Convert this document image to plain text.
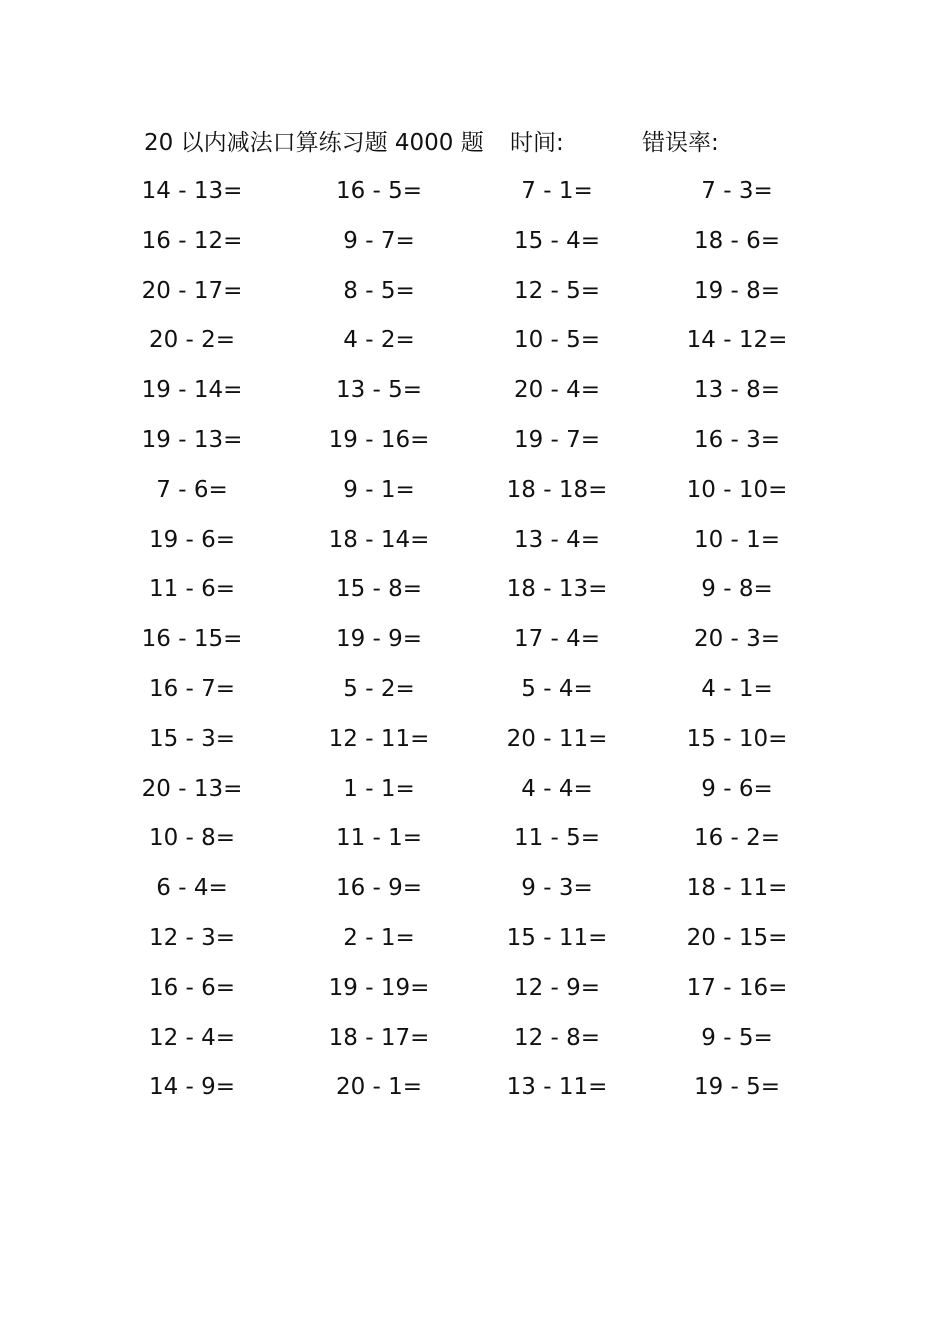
20 以内减法口算练习题 4000 题 时间:	错误率:
14 - 13=	16 - 5=	7 - 1=	7 - 3=
16 - 12=	9 - 7=	15 - 4=	18 - 6=
20 - 17=	8 - 5=	12 - 5=	19 - 8=
20 - 2=	4 - 2=	10 - 5=	14 - 12=
19 - 14=	13 - 5=	20 - 4=	13 - 8=
19 - 13=	19 - 16=	19 - 7=	16 - 3=
7 - 6=	9 - 1=	18 - 18=	10 - 10=
19 - 6=	18 - 14=	13 - 4=	10 - 1=
11 - 6=	15 - 8=	18 - 13=	9 - 8=
16 - 15=	19 - 9=	17 - 4=	20 - 3=
16 - 7=	5 - 2=	5 - 4=	4 - 1=
15 - 3=	12 - 11=	20 - 11=	15 - 10=
20 - 13=	1 - 1=	4 - 4=	9 - 6=
10 - 8=	11 - 1=	11 - 5=	16 - 2=
6 - 4=	16 - 9=	9 - 3=	18 - 11=
12 - 3=	2 - 1=	15 - 11=	20 - 15=
16 - 6=	19 - 19=	12 - 9=	17 - 16=
12 - 4=	18 - 17=	12 - 8=	9 - 5=
14 - 9=	20 - 1=	13 - 11=	19 - 5=
